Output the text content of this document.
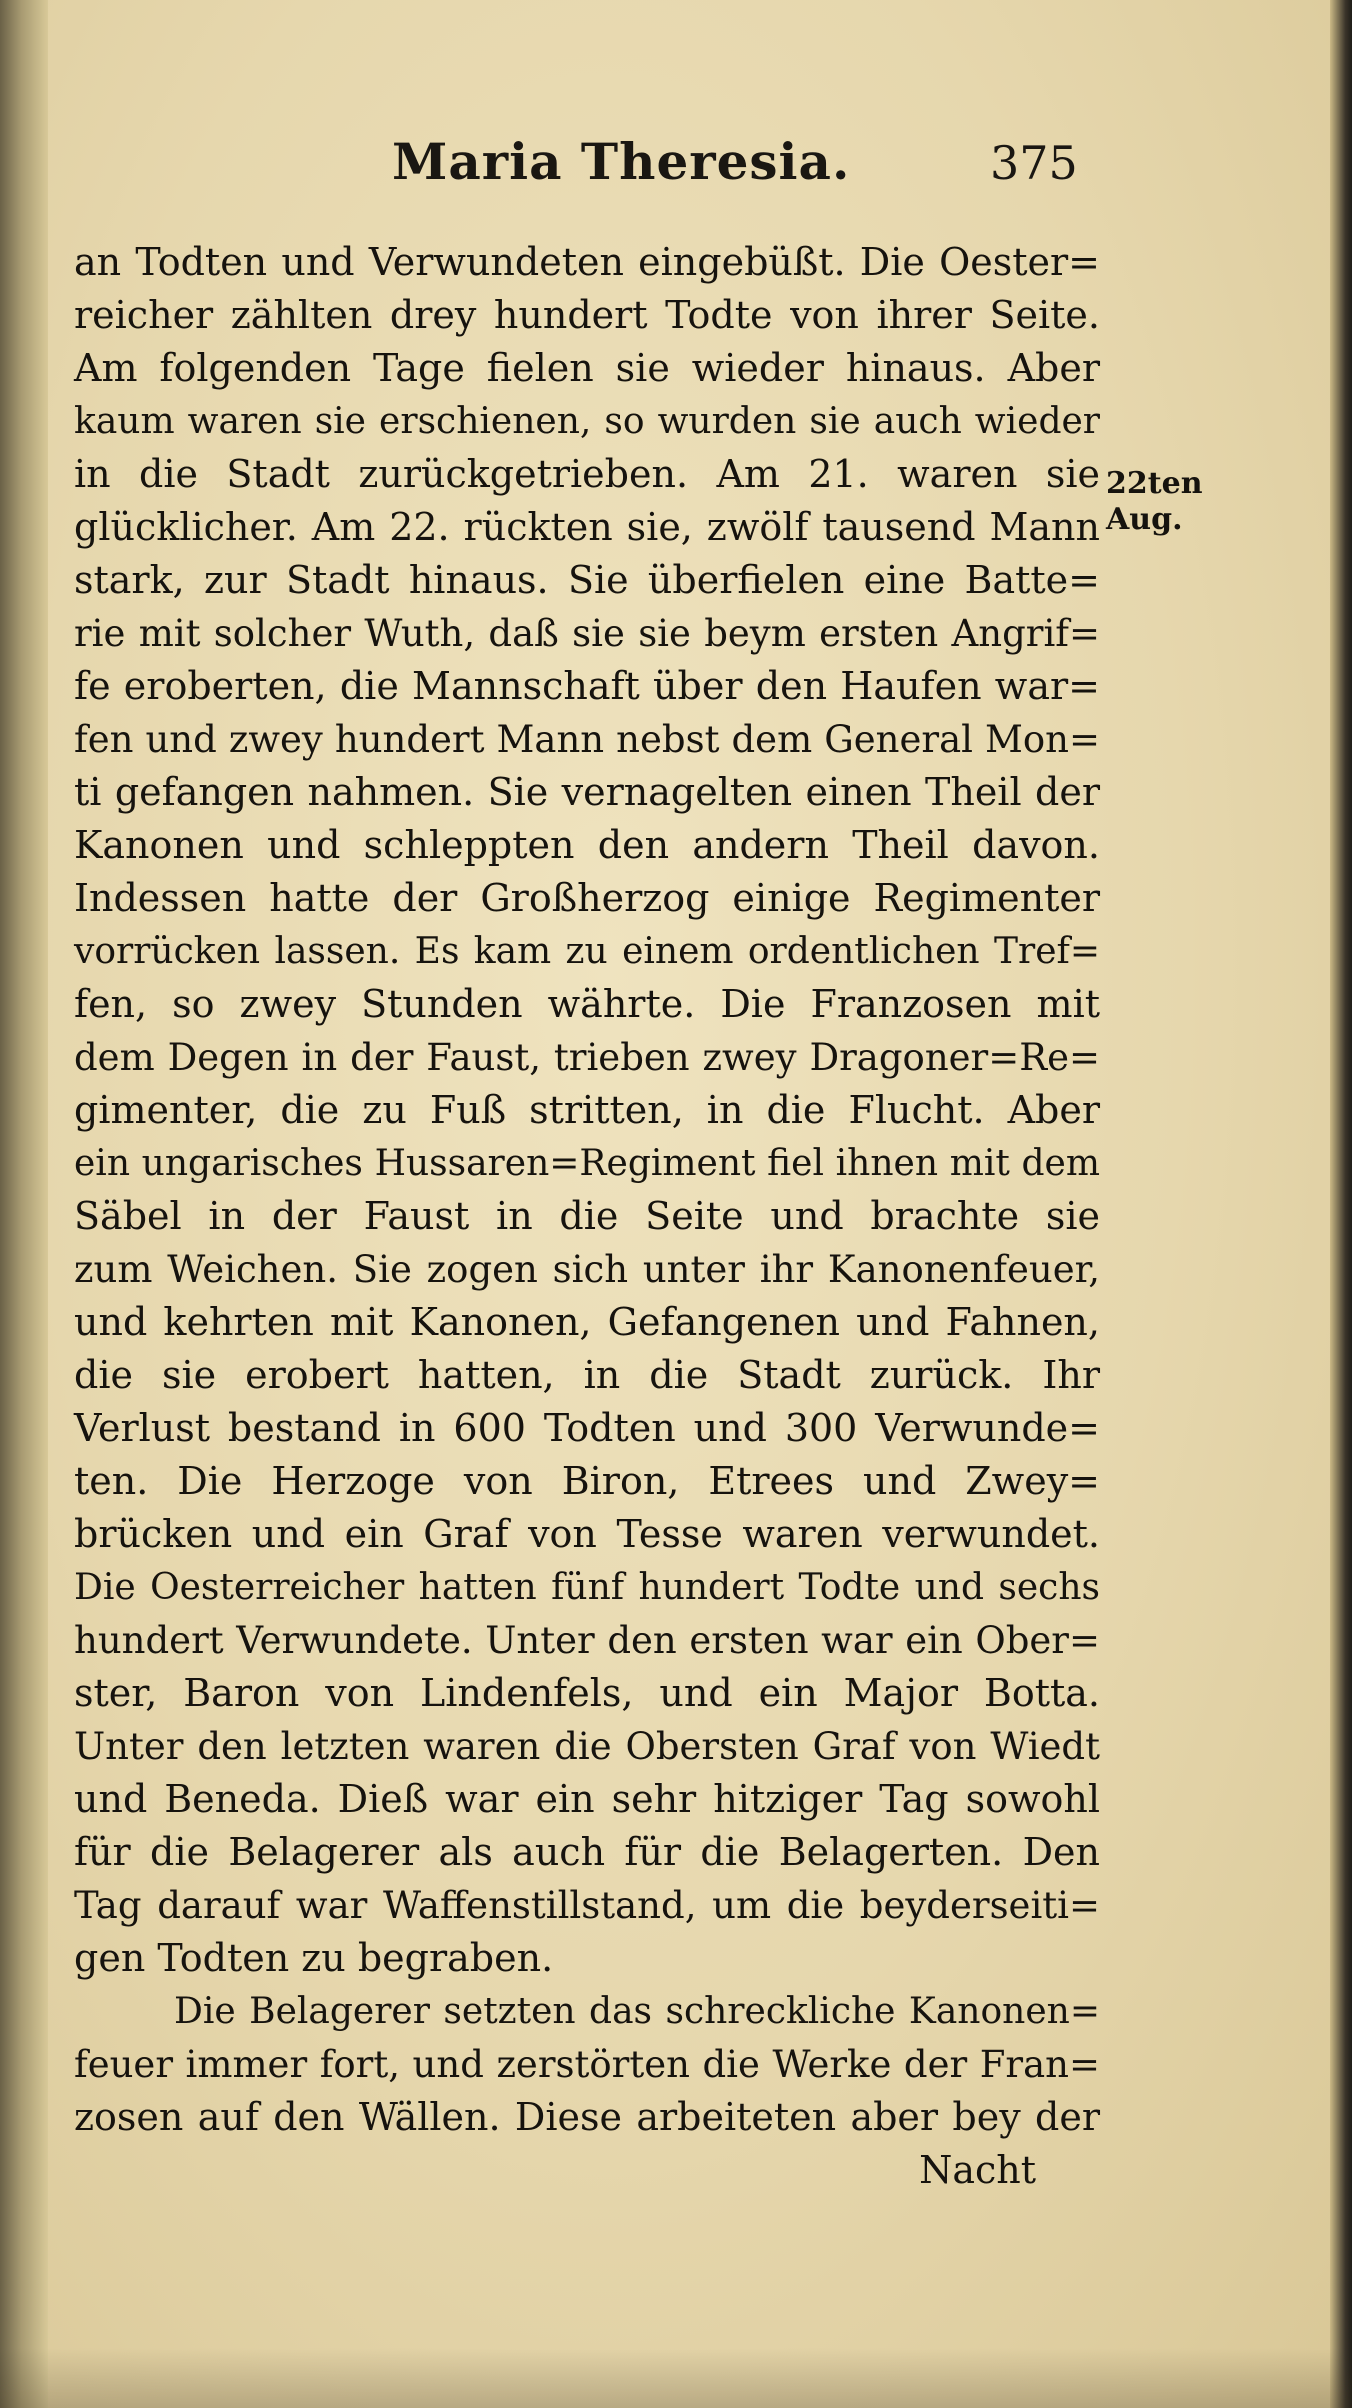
Maria Theresia.	375
22ten
Aug.
an Todten und Verwundeten eingebüßt. Die Oester=
reicher zählten drey hundert Todte von ihrer Seite.
Am folgenden Tage fielen sie wieder hinaus. Aber
kaum waren sie erschienen, so wurden sie auch wieder
in die Stadt zurückgetrieben. Am 21. waren sie
glücklicher. Am 22. rückten sie, zwölf tausend Mann
stark, zur Stadt hinaus. Sie überfielen eine Batte=
rie mit solcher Wuth, daß sie sie beym ersten Angrif=
fe eroberten, die Mannschaft über den Haufen war=
fen und zwey hundert Mann nebst dem General Mon=
ti gefangen nahmen. Sie vernagelten einen Theil der
Kanonen und schleppten den andern Theil davon.
Indessen hatte der Großherzog einige Regimenter
vorrücken lassen. Es kam zu einem ordentlichen Tref=
fen, so zwey Stunden währte. Die Franzosen mit
dem Degen in der Faust, trieben zwey Dragoner=Re=
gimenter, die zu Fuß stritten, in die Flucht. Aber
ein ungarisches Hussaren=Regiment fiel ihnen mit dem
Säbel in der Faust in die Seite und brachte sie
zum Weichen. Sie zogen sich unter ihr Kanonenfeuer,
und kehrten mit Kanonen, Gefangenen und Fahnen,
die sie erobert hatten, in die Stadt zurück. Ihr
Verlust bestand in 600 Todten und 300 Verwunde=
ten. Die Herzoge von Biron, Etrees und Zwey=
brücken und ein Graf von Tesse waren verwundet.
Die Oesterreicher hatten fünf hundert Todte und sechs
hundert Verwundete. Unter den ersten war ein Ober=
ster, Baron von Lindenfels, und ein Major Botta.
Unter den letzten waren die Obersten Graf von Wiedt
und Beneda. Dieß war ein sehr hitziger Tag sowohl
für die Belagerer als auch für die Belagerten. Den
Tag darauf war Waffenstillstand, um die beyderseiti=
gen Todten zu begraben.
Die Belagerer setzten das schreckliche Kanonen=
feuer immer fort, und zerstörten die Werke der Fran=
zosen auf den Wällen. Diese arbeiteten aber bey der
Nacht
